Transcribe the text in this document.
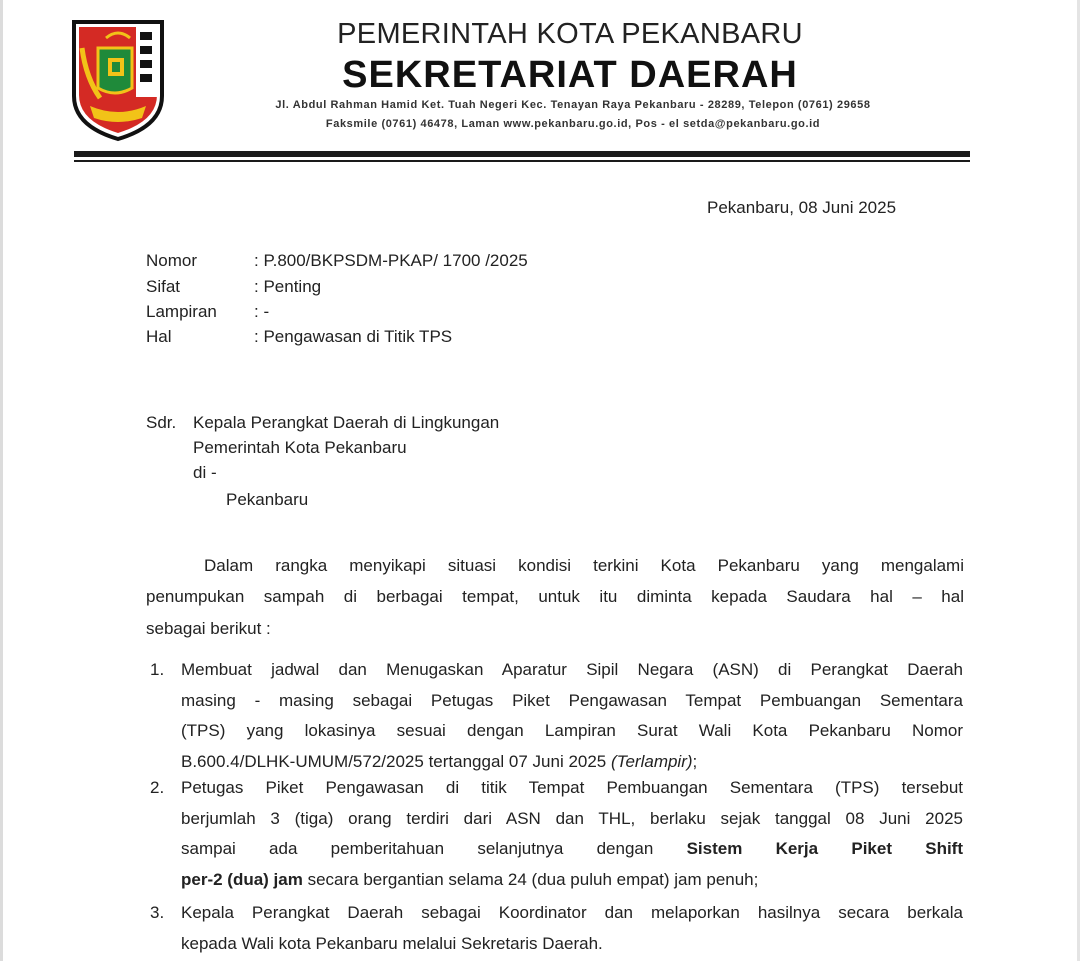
PEMERINTAH KOTA PEKANBARU
SEKRETARIAT DAERAH
Jl. Abdul Rahman Hamid Ket. Tuah Negeri Kec. Tenayan Raya Pekanbaru - 28289, Telepon (0761) 29658
Faksmile (0761) 46478, Laman www.pekanbaru.go.id, Pos - el setda@pekanbaru.go.id
Pekanbaru, 08 Juni 2025
Nomor	: P.800/BKPSDM-PKAP/ 1700 /2025
Sifat	: Penting
Lampiran : -
Hal	: Pengawasan di Titik TPS
Sdr. Kepala Perangkat Daerah di Lingkungan
Pemerintah Kota Pekanbaru
di -
Pekanbaru
Dalam rangka menyikapi situasi kondisi terkini Kota Pekanbaru yang mengalami
penumpukan sampah di berbagai tempat, untuk itu diminta kepada Saudara hal – hal
sebagai berikut :
1. Membuat jadwal dan Menugaskan Aparatur Sipil Negara (ASN) di Perangkat Daerah
masing - masing sebagai Petugas Piket Pengawasan Tempat Pembuangan Sementara
(TPS) yang lokasinya sesuai dengan Lampiran Surat Wali Kota Pekanbaru Nomor
B.600.4/DLHK-UMUM/572/2025 tertanggal 07 Juni 2025 (Terlampir);
2. Petugas Piket Pengawasan di titik Tempat Pembuangan Sementara (TPS) tersebut
berjumlah 3 (tiga) orang terdiri dari ASN dan THL, berlaku sejak tanggal 08 Juni 2025
sampai ada pemberitahuan selanjutnya dengan Sistem Kerja Piket Shift
per-2 (dua) jam secara bergantian selama 24 (dua puluh empat) jam penuh;
3. Kepala Perangkat Daerah sebagai Koordinator dan melaporkan hasilnya secara berkala
kepada Wali kota Pekanbaru melalui Sekretaris Daerah.
